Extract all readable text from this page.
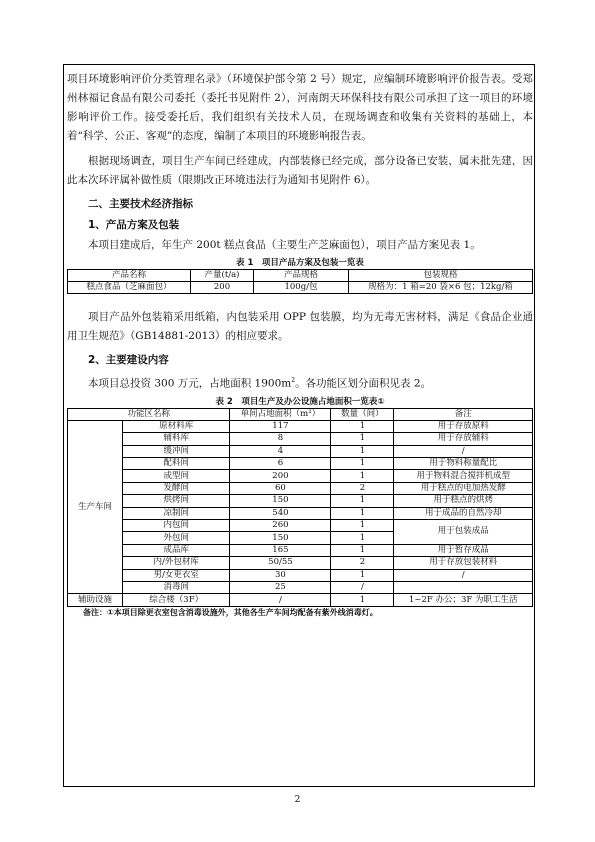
项目环境影响评价分类管理名录》（环境保护部令第 2 号）规定，应编制环境影响评价报告表。受郑州林福记食品有限公司委托（委托书见附件 2），河南朗天环保科技有限公司承担了这一项目的环境影响评价工作。接受委托后，我们组织有关技术人员，在现场调查和收集有关资料的基础上，本着“科学、公正、客观”的态度，编制了本项目的环境影响报告表。

根据现场调查，项目生产车间已经建成，内部装修已经完成，部分设备已安装，属未批先建，因此本次环评属补做性质（限期改正环境违法行为通知书见附件 6）。

二、主要技术经济指标
1、产品方案及包装

本项目建成后，年生产 200t 糕点食品（主要生产芝麻面包），项目产品方案见表 1。

表 1　项目产品方案及包装一览表
产品名称	产量(t/a)	产品规格	包装规格
糕点食品（芝麻面包）	200	100g/包	规格为：1 箱=20 袋×6 包；12kg/箱

项目产品外包装箱采用纸箱，内包装采用 OPP 包装膜，均为无毒无害材料，满足《食品企业通用卫生规范》（GB14881-2013）的相应要求。

2、主要建设内容

本项目总投资 300 万元，占地面积 $1900m^2$。各功能区划分面积见表 2。

表 2　项目生产及办公设施占地面积一览表①
功能区名称		单间占地面积（m²）	数量（间）	备注
生产车间	原材料库	117	1	用于存放原料
	辅料库	8	1	用于存放辅料
	缓冲间	4	1	/
	配料间	6	1	用于物料称量配比
	成型间	200	1	用于物料混合搅拌机成型
	发酵间	60	2	用于糕点的电加热发酵
	烘烤间	150	1	用于糕点的烘烤
	凉制间	540	1	用于成品的自然冷却
	内包间	260	1	用于包装成品
	外包间	150	1	
	成品库	165	1	用于暂存成品
	内/外包材库	50/55	2	用于存放包装材料
	男/女更衣室	30	1	/
	消毒间	25	/	
辅助设施	综合楼（3F）	/	1	1~2F 办公；3F 为职工生活
备注：①本项目除更衣室包含消毒设施外，其他各生产车间均配备有紫外线消毒灯。
2
